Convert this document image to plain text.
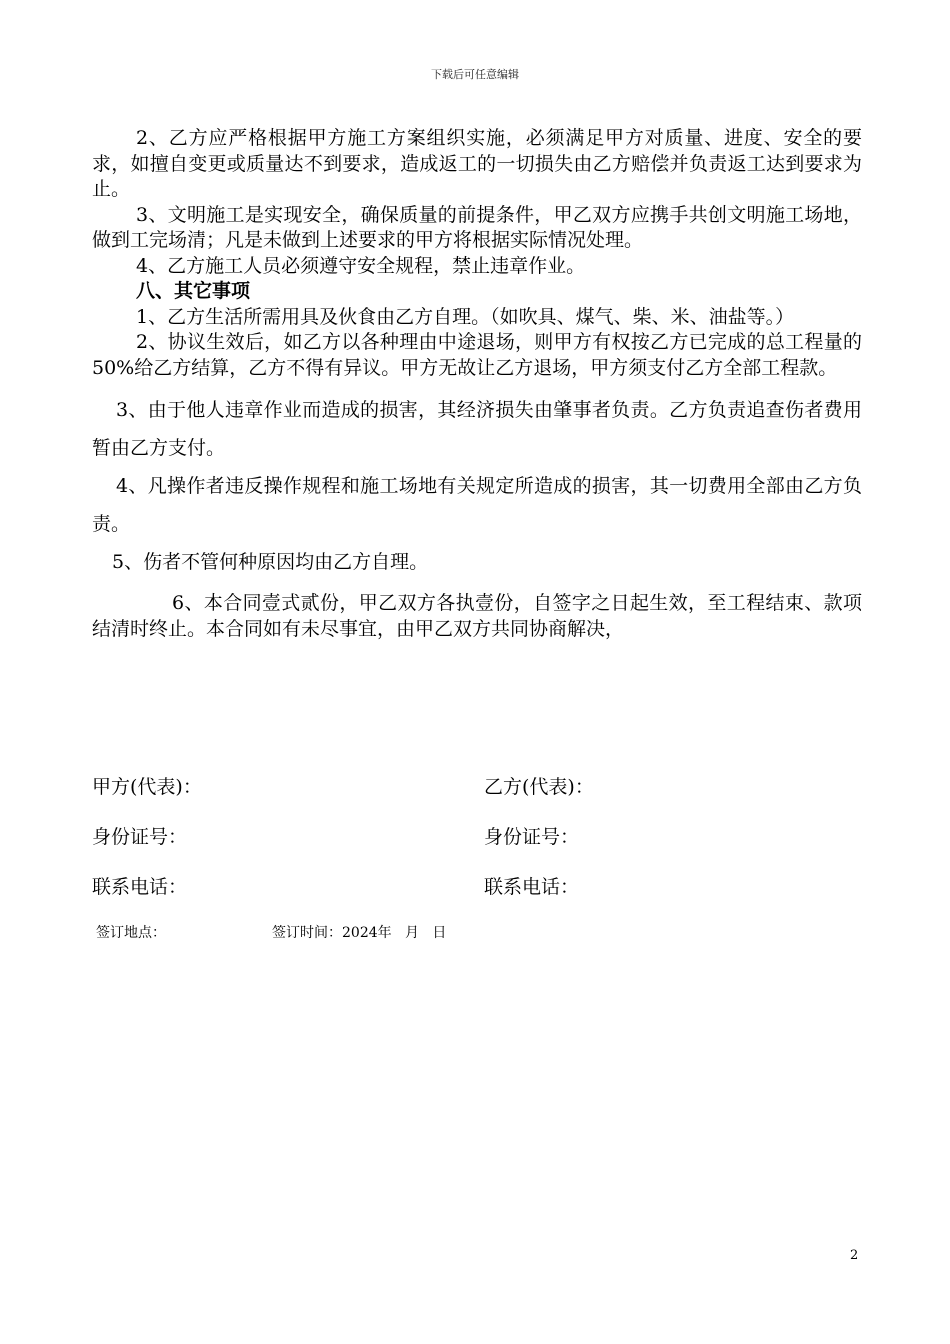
下载后可任意编辑

2、乙方应严格根据甲方施工方案组织实施，必须满足甲方对质量、进度、安全的要求，如擅自变更或质量达不到要求，造成返工的一切损失由乙方赔偿并负责返工达到要求为止。

3、文明施工是实现安全，确保质量的前提条件，甲乙双方应携手共创文明施工场地，做到工完场清；凡是未做到上述要求的甲方将根据实际情况处理。

4、乙方施工人员必须遵守安全规程，禁止违章作业。

八、其它事项

1、乙方生活所需用具及伙食由乙方自理。（如吹具、煤气、柴、米、油盐等。）

2、协议生效后，如乙方以各种理由中途退场，则甲方有权按乙方已完成的总工程量的50%给乙方结算，乙方不得有异议。甲方无故让乙方退场，甲方须支付乙方全部工程款。

3、由于他人违章作业而造成的损害，其经济损失由肇事者负责。乙方负责追查伤者费用暂由乙方支付。

4、凡操作者违反操作规程和施工场地有关规定所造成的损害，其一切费用全部由乙方负责。

5、伤者不管何种原因均由乙方自理。

6、本合同壹式贰份，甲乙双方各执壹份，自签字之日起生效，至工程结束、款项结清时终止。本合同如有未尽事宜，由甲乙双方共同协商解决，

甲方(代表)：	乙方(代表)：
身份证号：	身份证号：
联系电话：	联系电话：
签订地点：	签订时间：2024年   月   日
2
